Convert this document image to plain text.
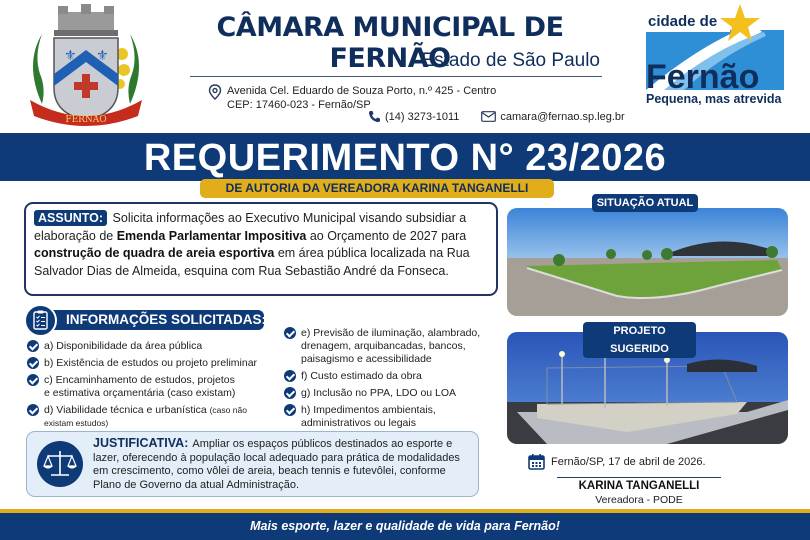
⚜ ⚜
FERNÃO
CÂMARA MUNICIPAL DE FERNÃO
Estado de São Paulo
Avenida Cel. Eduardo de Souza Porto, n.º 425 - Centro
CEP: 17460-023 - Fernão/SP
(14) 3273-1011	camara@fernao.sp.leg.br
cidade de
Fernão
Pequena, mas atrevida
REQUERIMENTO N° 23/2026
DE AUTORIA DA VEREADORA KARINA TANGANELLI
ASSUNTO: Solicita informações ao Executivo Municipal visando subsidiar a elaboração de Emenda Parlamentar Impositiva ao Orçamento de 2027 para construção de quadra de areia esportiva em área pública localizada na Rua Salvador Dias de Almeida, esquina com Rua Sebastião André da Fonseca.
INFORMAÇÕES SOLICITADAS:
a) Disponibilidade da área pública
b) Existência de estudos ou projeto preliminar
c) Encaminhamento de estudos, projetos e estimativa orçamentária (caso existam)
d) Viabilidade técnica e urbanística (caso não existam estudos)
e) Previsão de iluminação, alambrado, drenagem, arquibancadas, bancos, paisagismo e acessibilidade
f) Custo estimado da obra
g) Inclusão no PPA, LDO ou LOA
h) Impedimentos ambientais, administrativos ou legais
JUSTIFICATIVA: Ampliar os espaços públicos destinados ao esporte e lazer, oferecendo à população local adequado para prática de modalidades em crescimento, como vôlei de areia, beach tennis e futevôlei, conforme Plano de Governo da atual Administração.
SITUAÇÃO ATUAL
PROJETO SUGERIDO
Fernão/SP, 17 de abril de 2026.
KARINA TANGANELLI
Vereadora - PODE
Mais esporte, lazer e qualidade de vida para Fernão!
